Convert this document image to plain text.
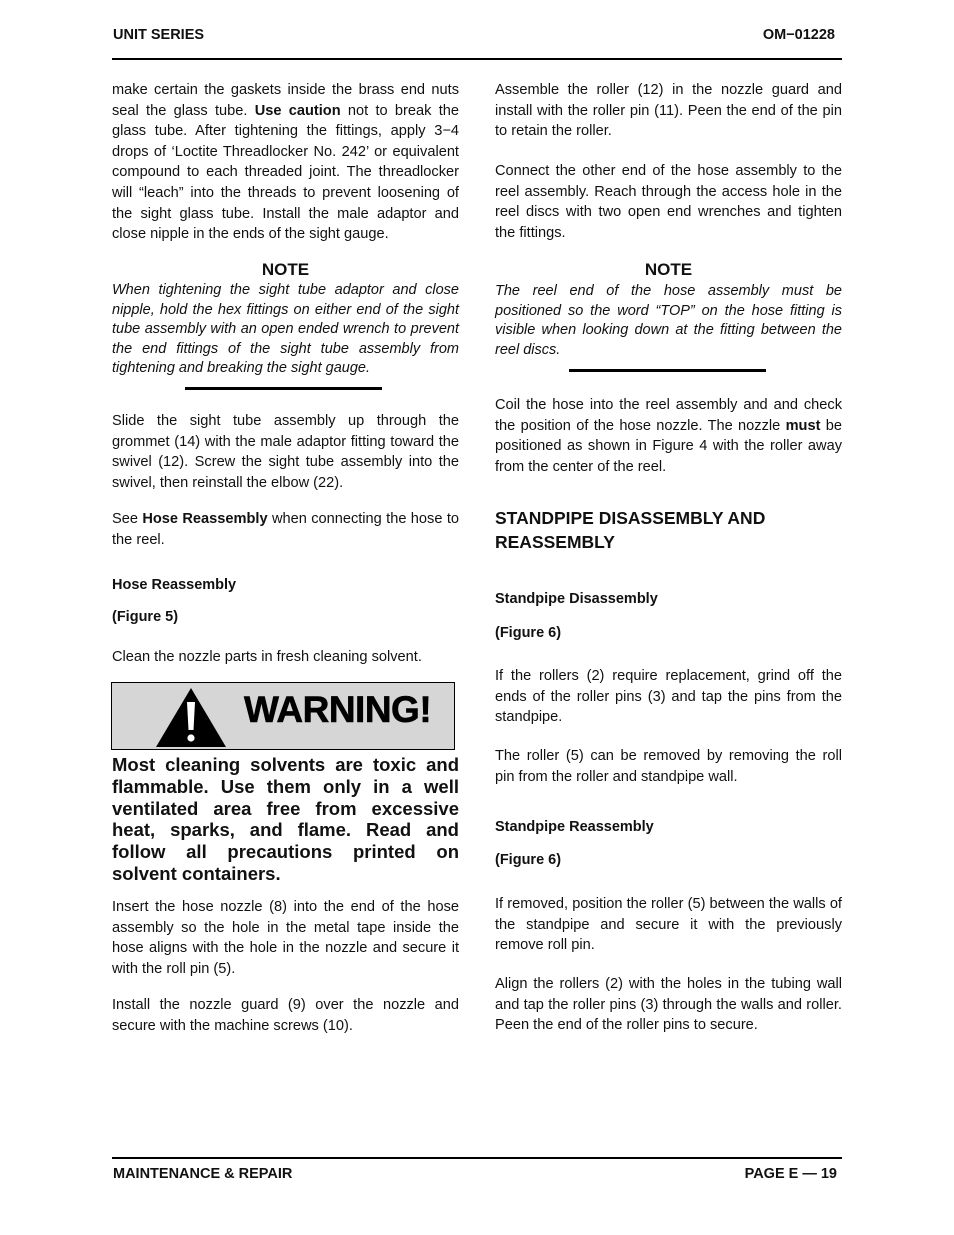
UNIT SERIES	OM−01228

make certain the gaskets inside the brass end nuts seal the glass tube. Use caution not to break the glass tube. After tightening the fittings, apply 3−4 drops of ‘Loctite Threadlocker No. 242’ or equivalent compound to each threaded joint. The threadlocker will “leach” into the threads to prevent loosening of the sight glass tube. Install the male adaptor and close nipple in the ends of the sight gauge.

NOTE
When tightening the sight tube adaptor and close nipple, hold the hex fittings on either end of the sight tube assembly with an open ended wrench to prevent the end fittings of the sight tube assembly from tightening and breaking the sight gauge.

Slide the sight tube assembly up through the grommet (14) with the male adaptor fitting toward the swivel (12). Screw the sight tube assembly into the swivel, then reinstall the elbow (22).

See Hose Reassembly when connecting the hose to the reel.

Hose Reassembly
(Figure 5)

Clean the nozzle parts in fresh cleaning solvent.

WARNING!
Most cleaning solvents are toxic and flammable. Use them only in a well ventilated area free from excessive heat, sparks, and flame. Read and follow all precautions printed on solvent containers.

Insert the hose nozzle (8) into the end of the hose assembly so the hole in the metal tape inside the hose aligns with the hole in the nozzle and secure it with the roll pin (5).

Install the nozzle guard (9) over the nozzle and secure with the machine screws (10).

Assemble the roller (12) in the nozzle guard and install with the roller pin (11). Peen the end of the pin to retain the roller.

Connect the other end of the hose assembly to the reel assembly. Reach through the access hole in the reel discs with two open end wrenches and tighten the fittings.

NOTE
The reel end of the hose assembly must be positioned so the word “TOP” on the hose fitting is visible when looking down at the fitting between the reel discs.

Coil the hose into the reel assembly and and check the position of the hose nozzle. The nozzle must be positioned as shown in Figure 4 with the roller away from the center of the reel.

STANDPIPE DISASSEMBLY AND REASSEMBLY
Standpipe Disassembly
(Figure 6)

If the rollers (2) require replacement, grind off the ends of the roller pins (3) and tap the pins from the standpipe.

The roller (5) can be removed by removing the roll pin from the roller and standpipe wall.

Standpipe Reassembly
(Figure 6)

If removed, position the roller (5) between the walls of the standpipe and secure it with the previously remove roll pin.

Align the rollers (2) with the holes in the tubing wall and tap the roller pins (3) through the walls and roller. Peen the end of the roller pins to secure.

MAINTENANCE & REPAIR	PAGE E — 19
